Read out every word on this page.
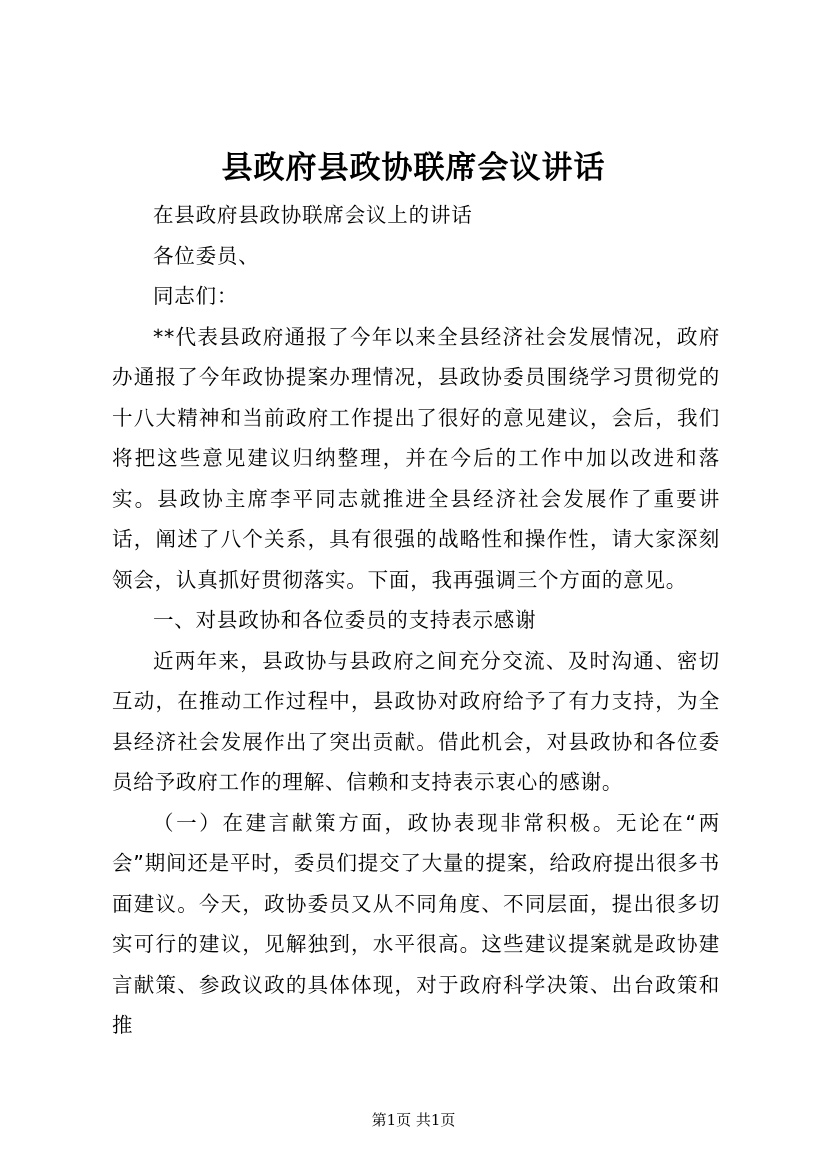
县政府县政协联席会议讲话

在县政府县政协联席会议上的讲话

各位委员、

同志们：

**代表县政府通报了今年以来全县经济社会发展情况，政府办通报了今年政协提案办理情况，县政协委员围绕学习贯彻党的十八大精神和当前政府工作提出了很好的意见建议，会后，我们将把这些意见建议归纳整理，并在今后的工作中加以改进和落实。县政协主席李平同志就推进全县经济社会发展作了重要讲话，阐述了八个关系，具有很强的战略性和操作性，请大家深刻领会，认真抓好贯彻落实。下面，我再强调三个方面的意见。

一、对县政协和各位委员的支持表示感谢

近两年来，县政协与县政府之间充分交流、及时沟通、密切互动，在推动工作过程中，县政协对政府给予了有力支持，为全县经济社会发展作出了突出贡献。借此机会，对县政协和各位委员给予政府工作的理解、信赖和支持表示衷心的感谢。

（一）在建言献策方面，政协表现非常积极。无论在“两会”期间还是平时，委员们提交了大量的提案，给政府提出很多书面建议。今天，政协委员又从不同角度、不同层面，提出很多切实可行的建议，见解独到，水平很高。这些建议提案就是政协建言献策、参政议政的具体体现，对于政府科学决策、出台政策和推

第1页 共1页
